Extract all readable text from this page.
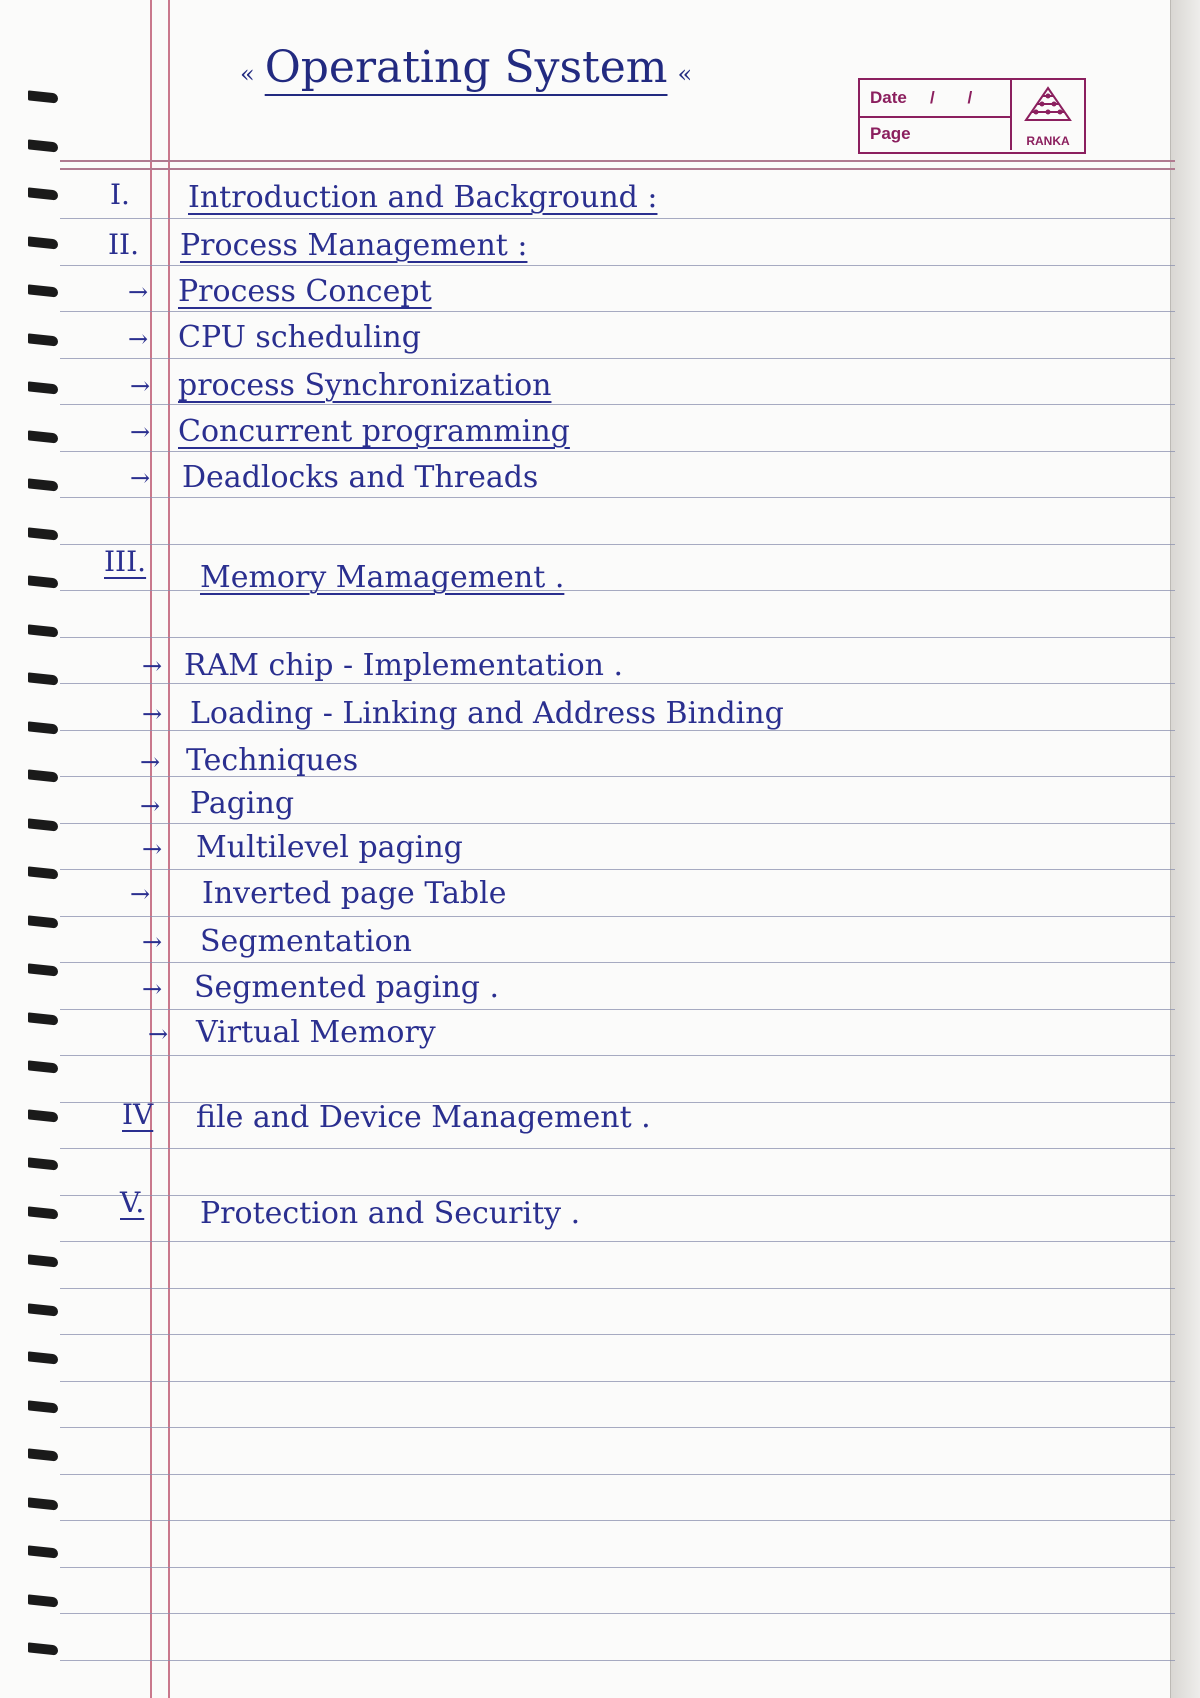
« Operating System «
Date / /
Page	RANKA
I. Introduction and Background :
II. Process Management :
→ Process Concept
→ CPU scheduling
→ process Synchronization
→ Concurrent programming
→ Deadlocks and Threads
III. Memory Mamagement .
→ RAM chip - Implementation .
→ Loading - Linking and Address Binding
→ Techniques
→ Paging
→ Multilevel paging
→ Inverted page Table
→ Segmentation
→ Segmented paging .
→ Virtual Memory
IV file and Device Management .
V. Protection and Security .
